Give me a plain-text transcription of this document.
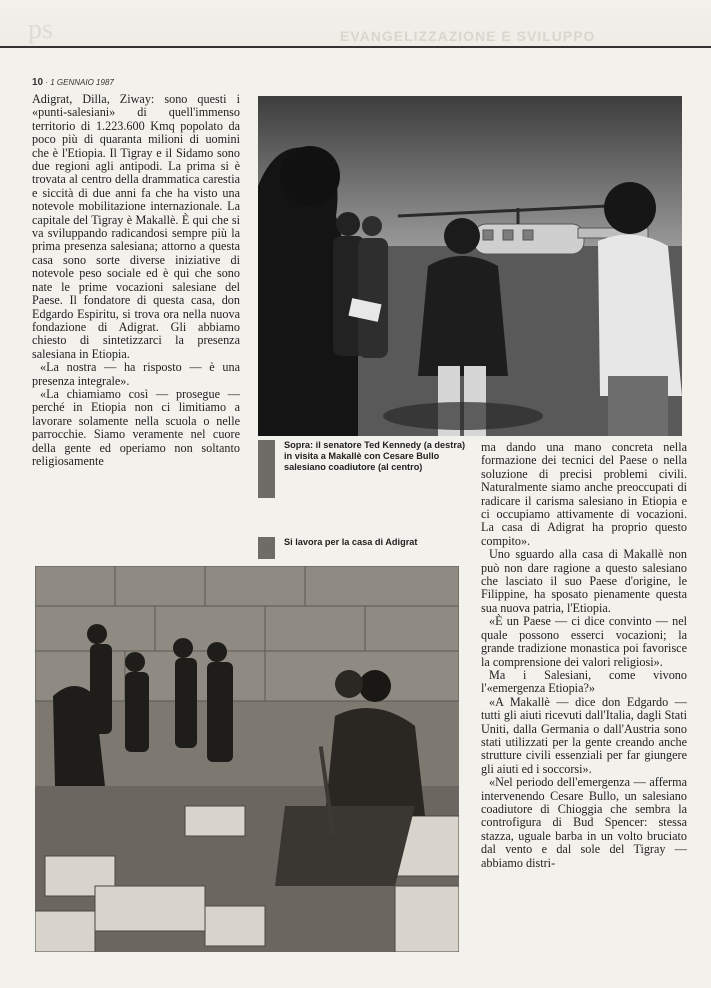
ps	EVANGELIZZAZIONE E SVILUPPO
10 · 1 GENNAIO 1987

Adigrat, Dilla, Ziway: sono questi i «punti-salesiani» di quell'immenso territorio di 1.223.600 Kmq popolato da poco più di quaranta milioni di uomini che è l'Etiopia. Il Tigray e il Sidamo sono due regioni agli antipodi. La prima si è trovata al centro della drammatica carestia e siccità di due anni fa che ha visto una notevole mobilitazione internazionale. La capitale del Tigray è Makallè. È qui che si va sviluppando radicandosi sempre più la prima presenza salesiana; attorno a questa casa sono sorte diverse iniziative di notevole peso sociale ed è qui che sono nate le prime vocazioni salesiane del Paese. Il fondatore di questa casa, don Edgardo Espiritu, si trova ora nella nuova fondazione di Adigrat. Gli abbiamo chiesto di sintetizzarci la presenza salesiana in Etiopia.

«La nostra — ha risposto — è una presenza integrale».

«La chiamiamo così — prosegue — perché in Etiopia non ci limitiamo a lavorare solamente nella scuola o nelle parrocchie. Siamo veramente nel cuore della gente ed operiamo non soltanto religiosamente

Sopra: il senatore Ted Kennedy (a destra) in visita a Makallè con Cesare Bullo salesiano coadiutore (al centro)
Si lavora per la casa di Adigrat

ma dando una mano concreta nella formazione dei tecnici del Paese o nella soluzione di precisi problemi civili. Naturalmente siamo anche preoccupati di radicare il carisma salesiano in Etiopia e ci occupiamo attivamente di vocazioni. La casa di Adigrat ha proprio questo compito».

Uno sguardo alla casa di Makallè non può non dare ragione a questo salesiano che lasciato il suo Paese d'origine, le Filippine, ha sposato pienamente questa sua nuova patria, l'Etiopia.

«È un Paese — ci dice convinto — nel quale possono esserci vocazioni; la grande tradizione monastica poi favorisce la comprensione dei valori religiosi».

Ma i Salesiani, come vivono l'«emergenza Etiopia?»

«A Makallè — dice don Edgardo — tutti gli aiuti ricevuti dall'Italia, dagli Stati Uniti, dalla Germania o dall'Austria sono stati utilizzati per la gente creando anche strutture civili essenziali per far giungere gli aiuti ed i soccorsi».

«Nel periodo dell'emergenza — afferma intervenendo Cesare Bullo, un salesiano coadiutore di Chioggia che sembra la controfigura di Bud Spencer: stessa stazza, uguale barba in un volto bruciato dal vento e dal sole del Tigray — abbiamo distri-
